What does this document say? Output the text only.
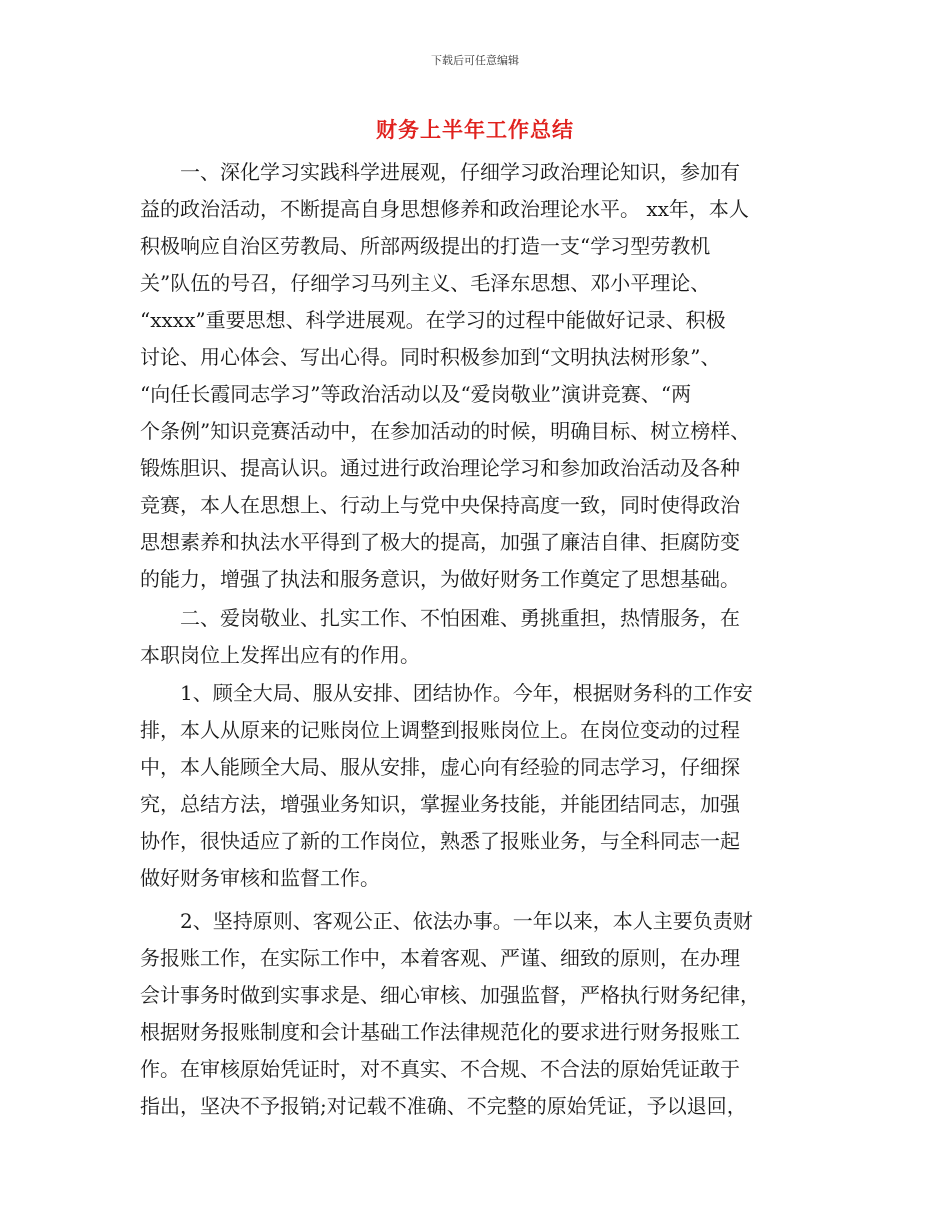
下载后可任意编辑
财务上半年工作总结

　　一、深化学习实践科学进展观，仔细学习政治理论知识，参加有

益的政治活动，不断提高自身思想修养和政治理论水平。 xx年，本人

积极响应自治区劳教局、所部两级提出的打造一支“学习型劳教机

关”队伍的号召，仔细学习马列主义、毛泽东思想、邓小平理论、

“xxxx”重要思想、科学进展观。在学习的过程中能做好记录、积极

讨论、用心体会、写出心得。同时积极参加到“文明执法树形象”、

“向任长霞同志学习”等政治活动以及“爱岗敬业”演讲竞赛、“两

个条例”知识竞赛活动中，在参加活动的时候，明确目标、树立榜样、

锻炼胆识、提高认识。通过进行政治理论学习和参加政治活动及各种

竞赛，本人在思想上、行动上与党中央保持高度一致，同时使得政治

思想素养和执法水平得到了极大的提高，加强了廉洁自律、拒腐防变

的能力，增强了执法和服务意识，为做好财务工作奠定了思想基础。

　　二、爱岗敬业、扎实工作、不怕困难、勇挑重担，热情服务，在

本职岗位上发挥出应有的作用。

　　1、顾全大局、服从安排、团结协作。今年，根据财务科的工作安

排，本人从原来的记账岗位上调整到报账岗位上。在岗位变动的过程

中，本人能顾全大局、服从安排，虚心向有经验的同志学习，仔细探

究，总结方法，增强业务知识，掌握业务技能，并能团结同志，加强

协作，很快适应了新的工作岗位，熟悉了报账业务，与全科同志一起

做好财务审核和监督工作。

　　2、坚持原则、客观公正、依法办事。一年以来，本人主要负责财

务报账工作，在实际工作中，本着客观、严谨、细致的原则，在办理

会计事务时做到实事求是、细心审核、加强监督，严格执行财务纪律，

根据财务报账制度和会计基础工作法律规范化的要求进行财务报账工

作。在审核原始凭证时，对不真实、不合规、不合法的原始凭证敢于

指出，坚决不予报销;对记载不准确、不完整的原始凭证，予以退回，
